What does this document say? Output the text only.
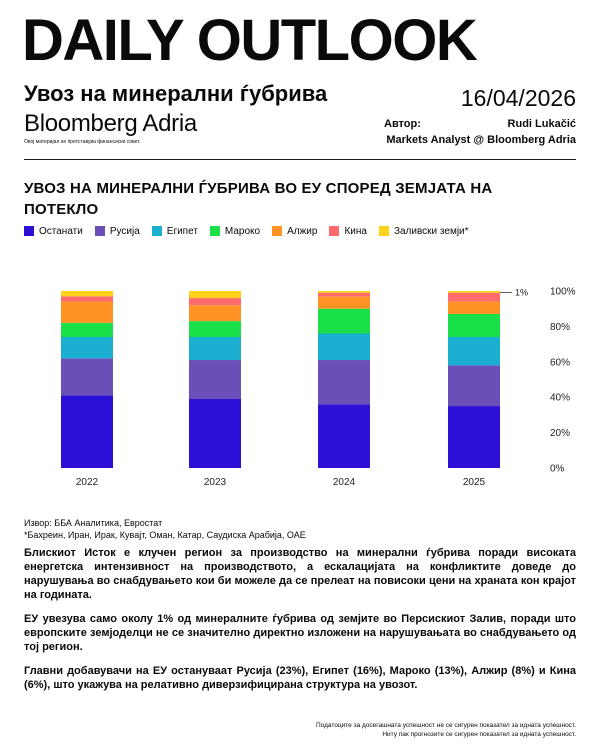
DAILY OUTLOOK
Увоз на минерални ѓубрива	16/04/2026
Bloomberg Adria
Овој материјал не претставува финансиски совет.
Автор:	Rudi Lukačić
Markets Analyst @ Bloomberg Adria
УВОЗ НА МИНЕРАЛНИ ЃУБРИВА ВО ЕУ СПОРЕД ЗЕМЈАТА НА ПОТЕКЛО
Останати	Русија	Египет	Мароко	Алжир	Кина	Заливски земји*
0%
20%
40%
60%
80%
100%
2022	2023	2024	2025
1%
Извор: ББА Аналитика, Евростат
*Бахреин, Иран, Ирак, Кувајт, Оман, Катар, Саудиска Арабија, ОАЕ
Блискиот Исток е клучен регион за производство на минерални ѓубрива поради високата енергетска интензивност на производството, а ескалацијата на конфликтите доведе до нарушувања во снабдувањето кои би можеле да се прелеат на повисоки цени на храната кон крајот на годината.
ЕУ увезува само околу 1% од минералните ѓубрива од земјите во Персискиот Залив, поради што европските земјоделци не се значително директно изложени на нарушувањата во снабдувањето од тој регион.
Главни добавувачи на ЕУ остануваат Русија (23%), Египет (16%), Мароко (13%), Алжир (8%) и Кина (6%), што укажува на релативно диверзифицирана структура на увозот.
Податоците за досегашната успешност не се сигурен показател за идната успешност.
Ниту пак прогнозите се сигурен показател за идната успешност.
